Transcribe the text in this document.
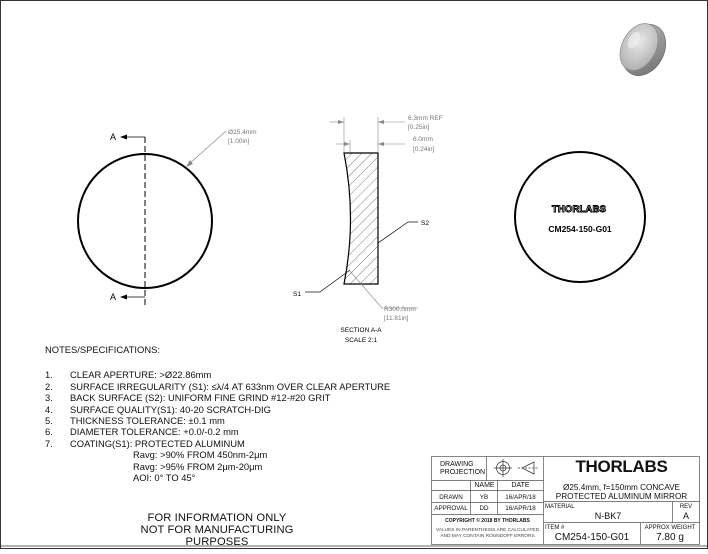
A
A
Ø25.4mm
[1.00in]
6.3mm REF
[0.25in]
6.0mm
[0.24in]
S2
S1
R300.0mm
[11.81in]
SECTION A-A
SCALE 2:1
THORLABS
CM254-150-G01
NOTES/SPECIFICATIONS:
1.	CLEAR APERTURE: >Ø22.86mm
2.	SURFACE IRREGULARITY (S1): ≤λ/4 AT 633nm OVER CLEAR APERTURE
3.	BACK SURFACE (S2): UNIFORM FINE GRIND #12-#20 GRIT
4.	SURFACE QUALITY(S1): 40-20 SCRATCH-DIG
5.	THICKNESS TOLERANCE: ±0.1 mm
6.	DIAMETER TOLERANCE: +0.0/-0.2 mm
7.	COATING(S1): PROTECTED ALUMINUM
Ravg: >90% FROM 450nm-2μm
Ravg: >95% FROM 2μm-20μm
AOI: 0° TO 45°
FOR INFORMATION ONLY
NOT FOR MANUFACTURING PURPOSES
DRAWING
PROJECTION
NAME	DATE
DRAWN	YB	16/APR/18
APPROVAL	DD	16/APR/18
COPYRIGHT © 2018 BY THORLABS
VALUES IN PARENTHESIS ARE CALCULATED
AND MAY CONTAIN ROUNDOFF ERRORS
THORLABS
Ø25.4mm, f=150mm CONCAVE
PROTECTED ALUMINUM MIRROR
MATERIAL
N-BK7
REV
A
ITEM #
CM254-150-G01
APPROX WEIGHT
7.80 g
